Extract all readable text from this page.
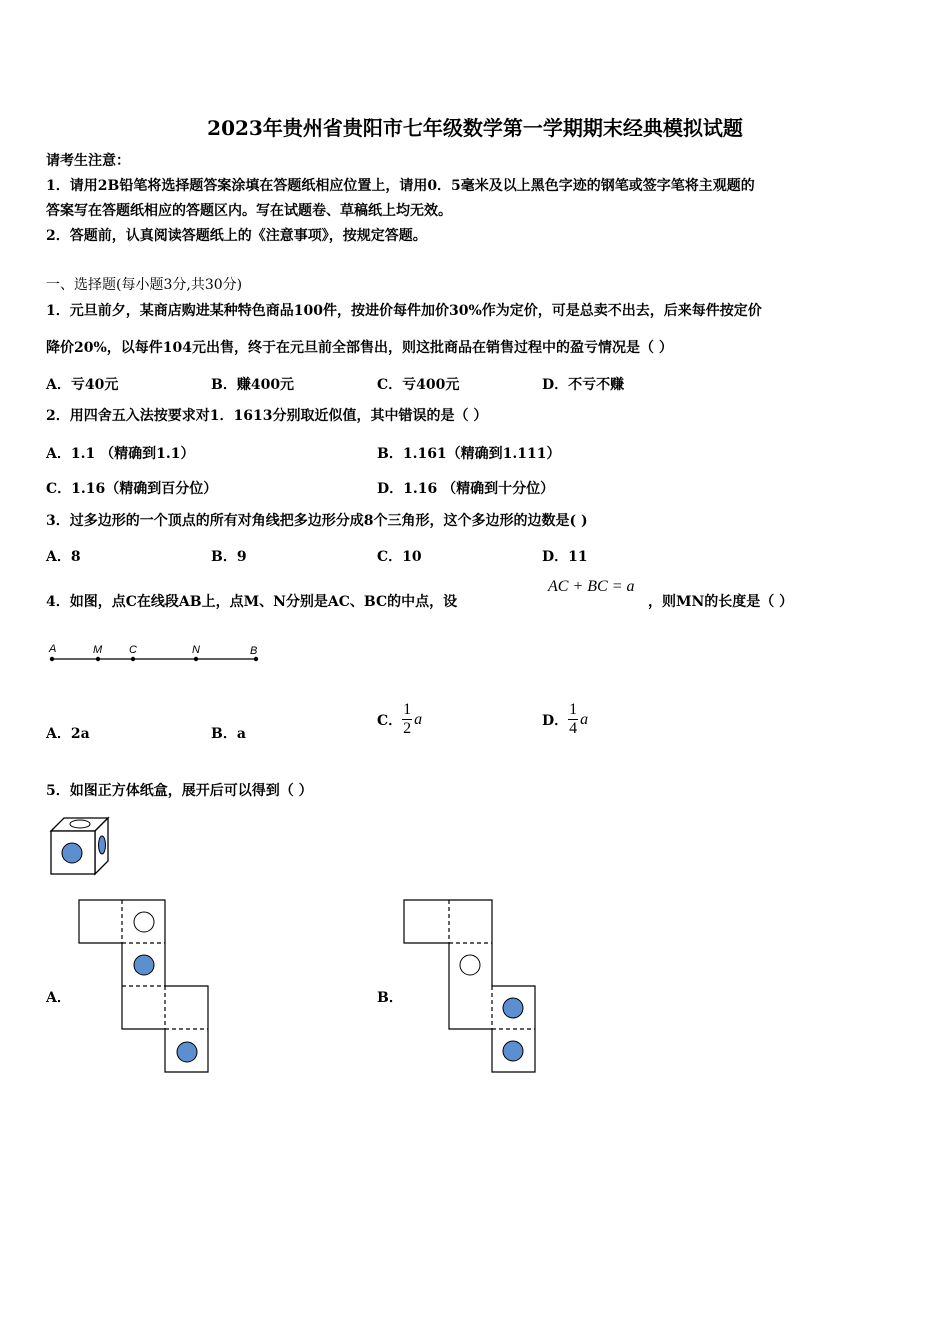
2023年贵州省贵阳市七年级数学第一学期期末经典模拟试题
请考生注意：
1．请用2B铅笔将选择题答案涂填在答题纸相应位置上，请用0．5毫米及以上黑色字迹的钢笔或签字笔将主观题的
答案写在答题纸相应的答题区内。写在试题卷、草稿纸上均无效。
2．答题前，认真阅读答题纸上的《注意事项》，按规定答题。
一、选择题(每小题3分,共30分)
1．元旦前夕，某商店购进某种特色商品100件，按进价每件加价30%作为定价，可是总卖不出去，后来每件按定价
降价20%，以每件104元出售，终于在元旦前全部售出，则这批商品在销售过程中的盈亏情况是（ ）
A．亏40元	B．赚400元	C．亏400元	D．不亏不赚
2．用四舍五入法按要求对1．1613分别取近似值，其中错误的是（ ）
A．1.1 （精确到1.1）	B．1.161（精确到1.111）
C．1.16（精确到百分位）	D．1.16 （精确到十分位）
3．过多边形的一个顶点的所有对角线把多边形分成8个三角形，这个多边形的边数是( )
A．8	B．9	C．10	D．11
4．如图，点C在线段AB上，点M、N分别是AC、BC的中点，设
AC + BC = a
，则MN的长度是（ ）
A	M C	N	B
A．2a	B．a
C． $\frac{1}{2}$ a	D． $\frac{1}{4}$ a
5．如图正方体纸盒，展开后可以得到（ ）
A．	B．
